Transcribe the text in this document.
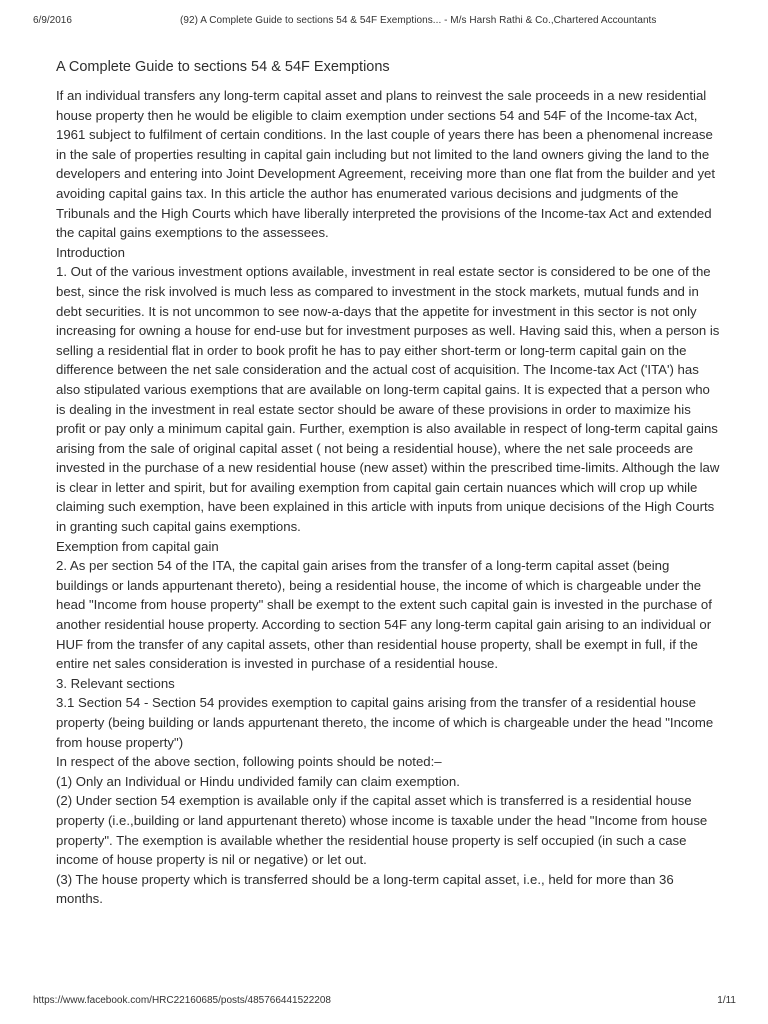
6/9/2016	(92) A Complete Guide to sections 54 & 54F Exemptions... - M/s Harsh Rathi & Co.,Chartered Accountants
A Complete Guide to sections 54 & 54F Exemptions

If an individual transfers any long-term capital asset and plans to reinvest the sale proceeds in a new residential house property then he would be eligible to claim exemption under sections 54 and 54F of the Income-tax Act, 1961 subject to fulfilment of certain conditions. In the last couple of years there has been a phenomenal increase in the sale of properties resulting in capital gain including but not limited to the land owners giving the land to the developers and entering into Joint Development Agreement, receiving more than one flat from the builder and yet avoiding capital gains tax. In this article the author has enumerated various decisions and judgments of the Tribunals and the High Courts which have liberally interpreted the provisions of the Income-tax Act and extended the capital gains exemptions to the assessees.

Introduction

1. Out of the various investment options available, investment in real estate sector is considered to be one of the best, since the risk involved is much less as compared to investment in the stock markets, mutual funds and in debt securities. It is not uncommon to see now-a-days that the appetite for investment in this sector is not only increasing for owning a house for end-use but for investment purposes as well. Having said this, when a person is selling a residential flat in order to book profit he has to pay either short-term or long-term capital gain on the difference between the net sale consideration and the actual cost of acquisition. The Income-tax Act ('ITA') has also stipulated various exemptions that are available on long-term capital gains. It is expected that a person who is dealing in the investment in real estate sector should be aware of these provisions in order to maximize his profit or pay only a minimum capital gain. Further, exemption is also available in respect of long-term capital gains arising from the sale of original capital asset ( not being a residential house), where the net sale proceeds are invested in the purchase of a new residential house (new asset) within the prescribed time-limits. Although the law is clear in letter and spirit, but for availing exemption from capital gain certain nuances which will crop up while claiming such exemption, have been explained in this article with inputs from unique decisions of the High Courts in granting such capital gains exemptions.

Exemption from capital gain

2. As per section 54 of the ITA, the capital gain arises from the transfer of a long-term capital asset (being buildings or lands appurtenant thereto), being a residential house, the income of which is chargeable under the head "Income from house property" shall be exempt to the extent such capital gain is invested in the purchase of another residential house property. According to section 54F any long-term capital gain arising to an individual or HUF from the transfer of any capital assets, other than residential house property, shall be exempt in full, if the entire net sales consideration is invested in purchase of a residential house.

3. Relevant sections

3.1 Section 54 - Section 54 provides exemption to capital gains arising from the transfer of a residential house property (being building or lands appurtenant thereto, the income of which is chargeable under the head "Income from house property")

In respect of the above section, following points should be noted:–

(1) Only an Individual or Hindu undivided family can claim exemption.

(2) Under section 54 exemption is available only if the capital asset which is transferred is a residential house property (i.e.,building or land appurtenant thereto) whose income is taxable under the head "Income from house property". The exemption is available whether the residential house property is self occupied (in such a case income of house property is nil or negative) or let out.

(3) The house property which is transferred should be a long-term capital asset, i.e., held for more than 36 months.

https://www.facebook.com/HRC22160685/posts/485766441522208	1/11
